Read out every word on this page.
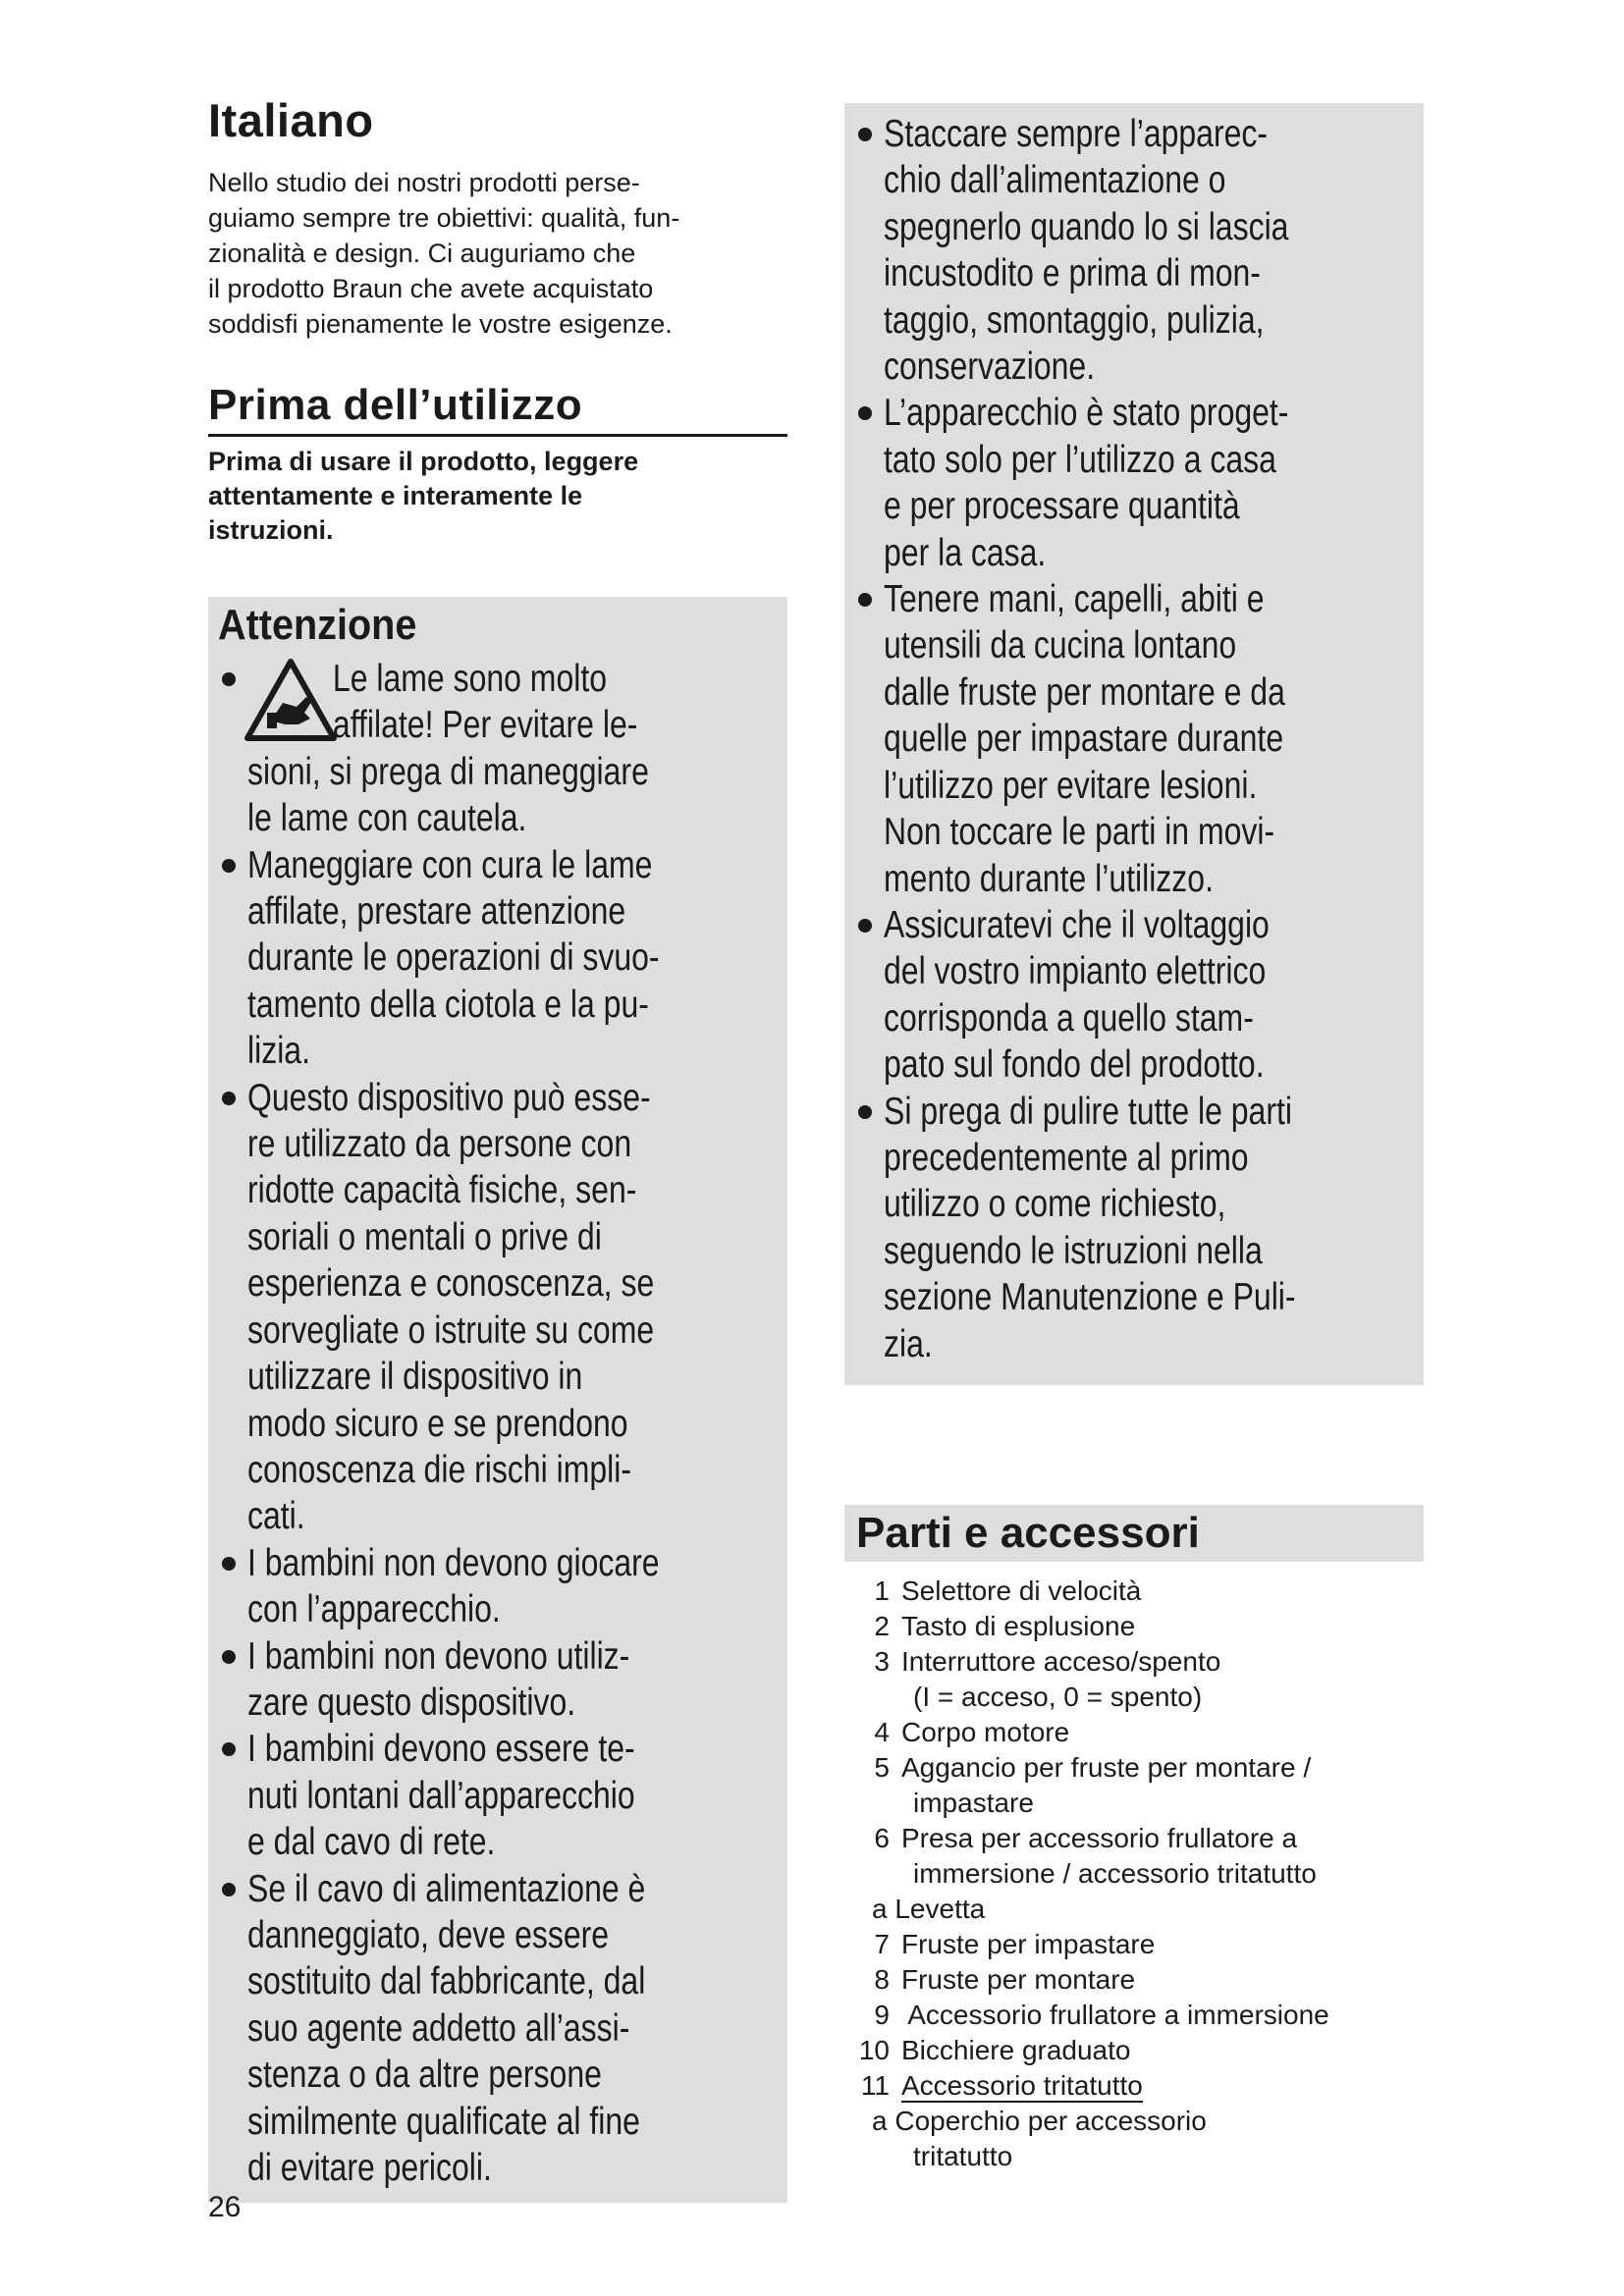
Italiano

Nello studio dei nostri prodotti perse-

guiamo sempre tre obiettivi: qualità, fun-

zionalità e design. Ci auguriamo che

il prodotto Braun che avete acquistato

soddisfi pienamente le vostre esigenze.

Prima dell’utilizzo

Prima di usare il prodotto, leggere

attentamente e interamente le

istruzioni.

Attenzione
Le lame sono molto
affilate! Per evitare le-
sioni, si prega di maneggiare
le lame con cautela.
Maneggiare con cura le lame
affilate, prestare attenzione
durante le operazioni di svuo-
tamento della ciotola e la pu-
lizia.
Questo dispositivo può esse-
re utilizzato da persone con
ridotte capacità fisiche, sen-
soriali o mentali o prive di
esperienza e conoscenza, se
sorvegliate o istruite su come
utilizzare il dispositivo in
modo sicuro e se prendono
conoscenza die rischi impli-
cati.
I bambini non devono giocare
con l’apparecchio.
I bambini non devono utiliz-
zare questo dispositivo.
I bambini devono essere te-
nuti lontani dall’apparecchio
e dal cavo di rete.
Se il cavo di alimentazione è
danneggiato, deve essere
sostituito dal fabbricante, dal
suo agente addetto all’assi-
stenza o da altre persone
similmente qualificate al fine
di evitare pericoli.
Staccare sempre l’apparec-
chio dall’alimentazione o
spegnerlo quando lo si lascia
incustodito e prima di mon-
taggio, smontaggio, pulizia,
conservazione.
L’apparecchio è stato proget-
tato solo per l’utilizzo a casa
e per processare quantità
per la casa.
Tenere mani, capelli, abiti e
utensili da cucina lontano
dalle fruste per montare e da
quelle per impastare durante
l’utilizzo per evitare lesioni.
Non toccare le parti in movi-
mento durante l’utilizzo.
Assicuratevi che il voltaggio
del vostro impianto elettrico
corrisponda a quello stam-
pato sul fondo del prodotto.
Si prega di pulire tutte le parti
precedentemente al primo
utilizzo o come richiesto,
seguendo le istruzioni nella
sezione Manutenzione e Puli-
zia.
Parti e accessori
1 Selettore di velocità
2 Tasto di esplusione
3 Interruttore acceso/spento
(I = acceso, 0 = spento)
4 Corpo motore
5 Aggancio per fruste per montare /
impastare
6 Presa per accessorio frullatore a
immersione / accessorio tritatutto
a Levetta
7 Fruste per impastare
8 Fruste per montare
9 Accessorio frullatore a immersione
10 Bicchiere graduato
11 Accessorio tritatutto
a Coperchio per accessorio
tritatutto
26
